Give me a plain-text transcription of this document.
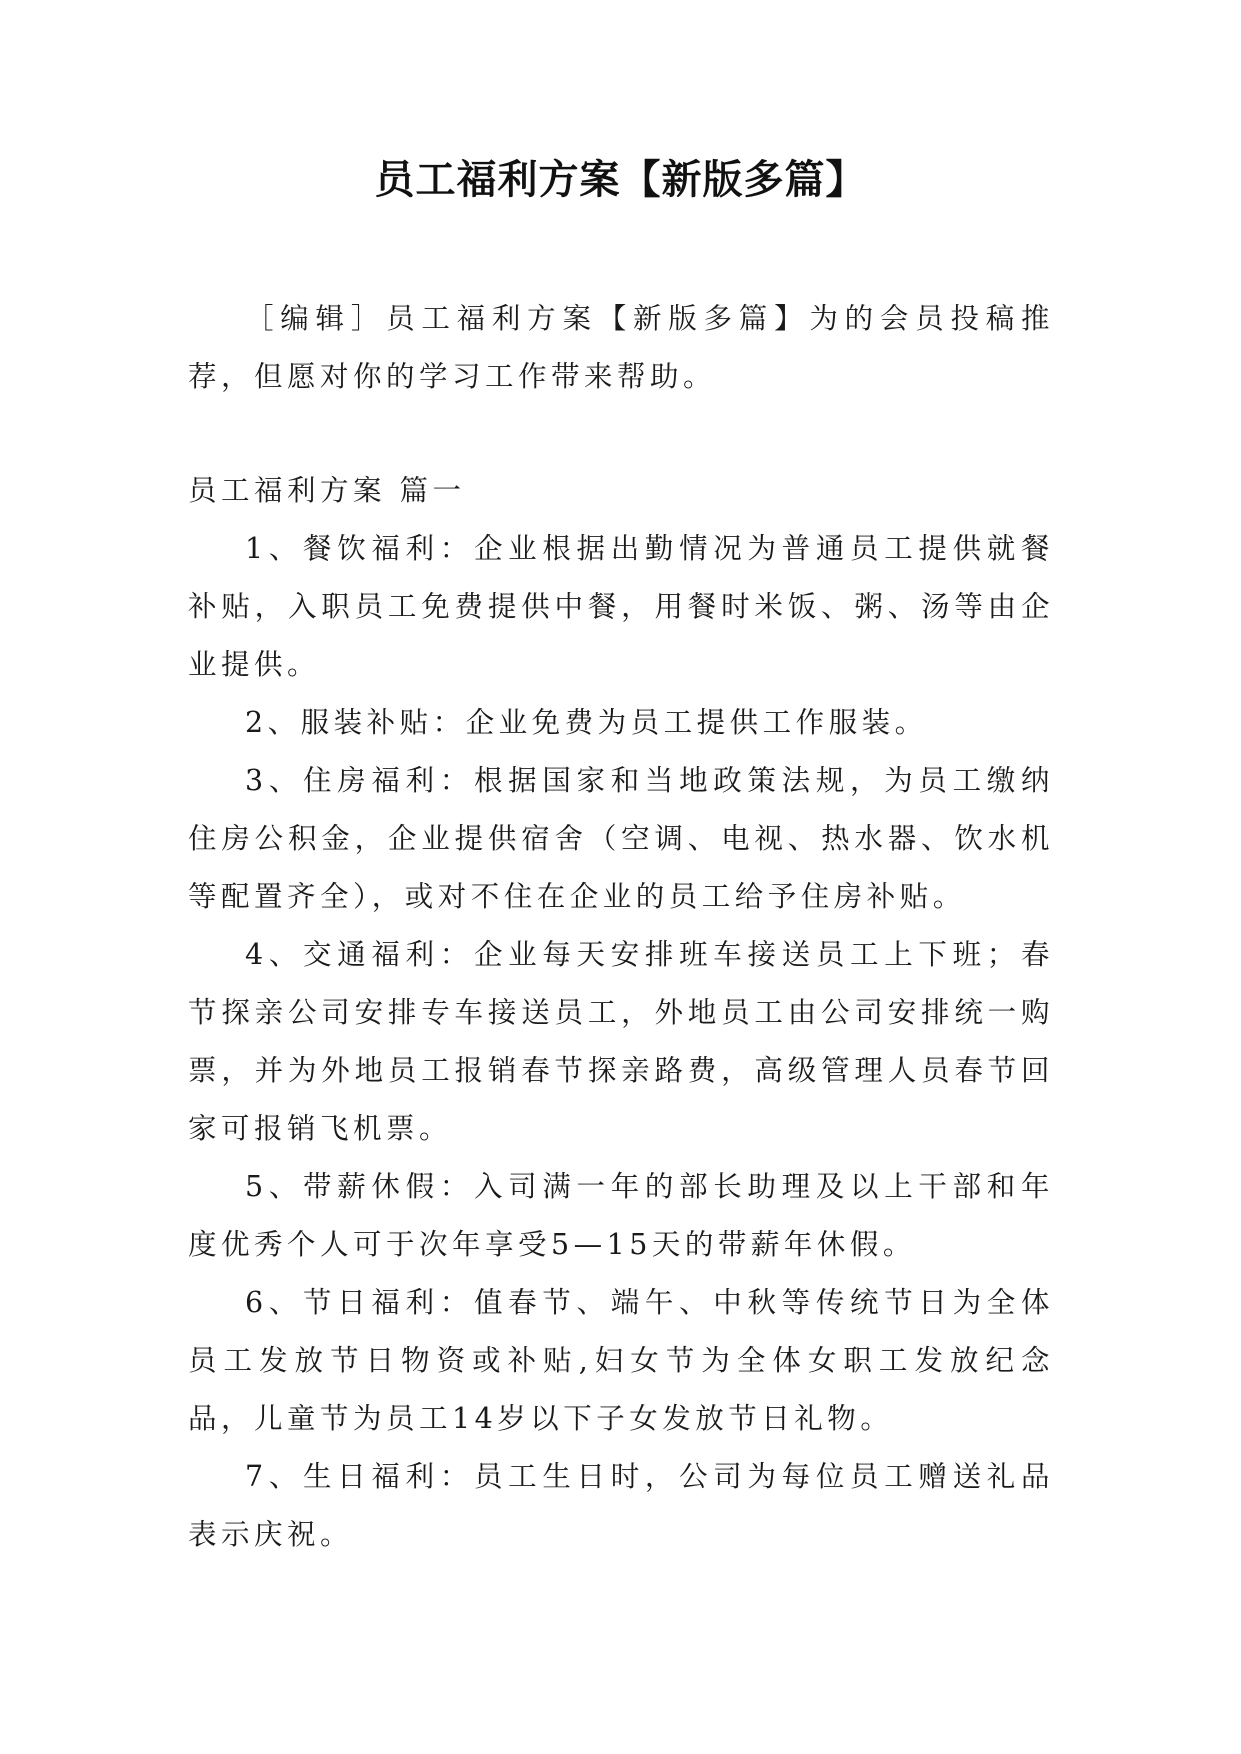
员工福利方案【新版多篇】

［编辑］员工福利方案【新版多篇】为的会员投稿推荐，但愿对你的学习工作带来帮助。

员工福利方案 篇一

1、餐饮福利：企业根据出勤情况为普通员工提供就餐补贴，入职员工免费提供中餐，用餐时米饭、粥、汤等由企业提供。

2、服装补贴：企业免费为员工提供工作服装。

3、住房福利：根据国家和当地政策法规，为员工缴纳住房公积金，企业提供宿舍（空调、电视、热水器、饮水机等配置齐全），或对不住在企业的员工给予住房补贴。

4、交通福利：企业每天安排班车接送员工上下班；春节探亲公司安排专车接送员工，外地员工由公司安排统一购票，并为外地员工报销春节探亲路费，高级管理人员春节回家可报销飞机票。

5、带薪休假：入司满一年的部长助理及以上干部和年度优秀个人可于次年享受5—15天的带薪年休假。

6、节日福利：值春节、端午、中秋等传统节日为全体员工发放节日物资或补贴,妇女节为全体女职工发放纪念品，儿童节为员工14岁以下子女发放节日礼物。

7、生日福利：员工生日时，公司为每位员工赠送礼品表示庆祝。
